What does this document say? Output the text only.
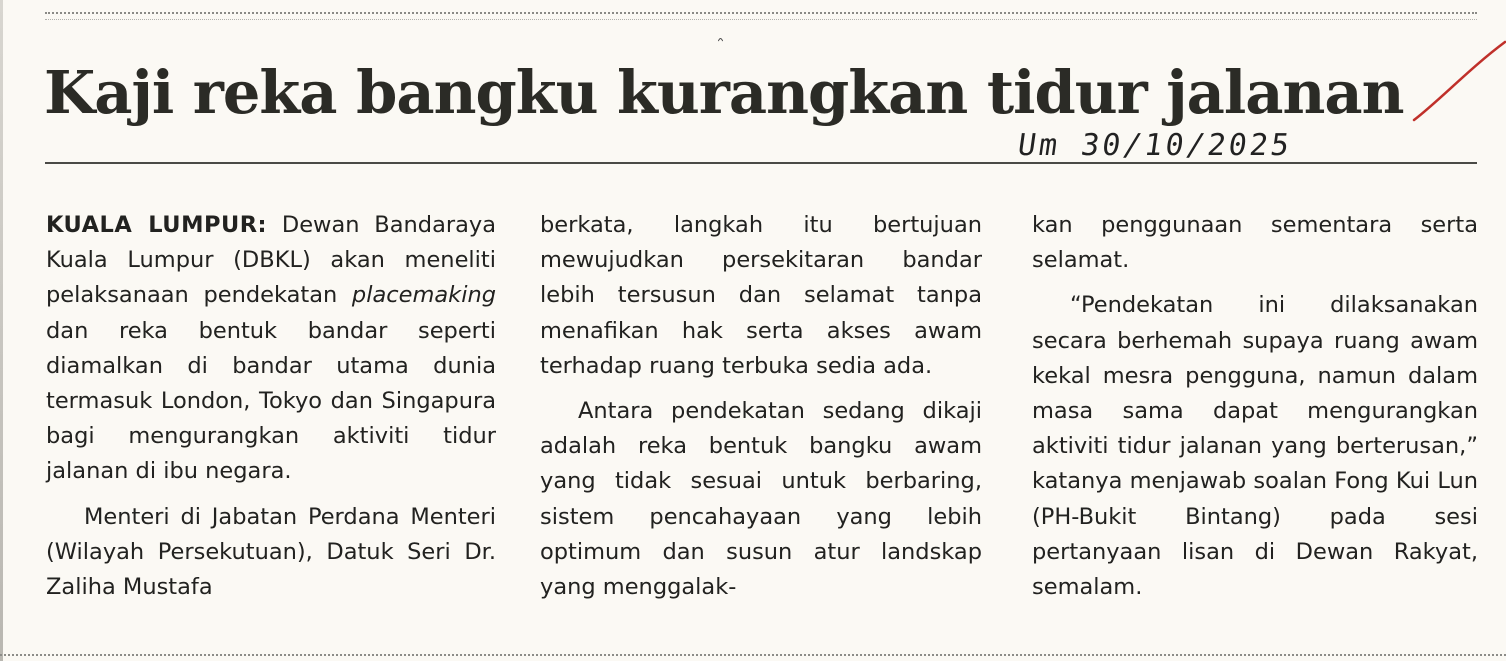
Kaji reka bangku kurangkan tidur jalanan
Um 30/10/2025

KUALA LUMPUR: Dewan Bandaraya Kuala Lumpur (DBKL) akan meneliti pelaksanaan pendekatan placemaking dan reka bentuk bandar seperti diamalkan di bandar utama dunia termasuk London, Tokyo dan Singapura bagi mengurangkan aktiviti tidur jalanan di ibu negara.

Menteri di Jabatan Perdana Menteri (Wilayah Persekutuan), Datuk Seri Dr. Zaliha Mustafa

berkata, langkah itu bertujuan mewujudkan persekitaran bandar lebih tersusun dan selamat tanpa menafikan hak serta akses awam terhadap ruang terbuka sedia ada.

Antara pendekatan sedang dikaji adalah reka bentuk bangku awam yang tidak sesuai untuk berbaring, sistem pencahayaan yang lebih optimum dan susun atur landskap yang menggalak-

kan penggunaan sementara serta selamat.

“Pendekatan ini dilaksanakan secara berhemah supaya ruang awam kekal mesra pengguna, namun dalam masa sama dapat mengurangkan aktiviti tidur jalanan yang berterusan,” katanya menjawab soalan Fong Kui Lun (PH-Bukit Bintang) pada sesi pertanyaan lisan di Dewan Rakyat, semalam.
